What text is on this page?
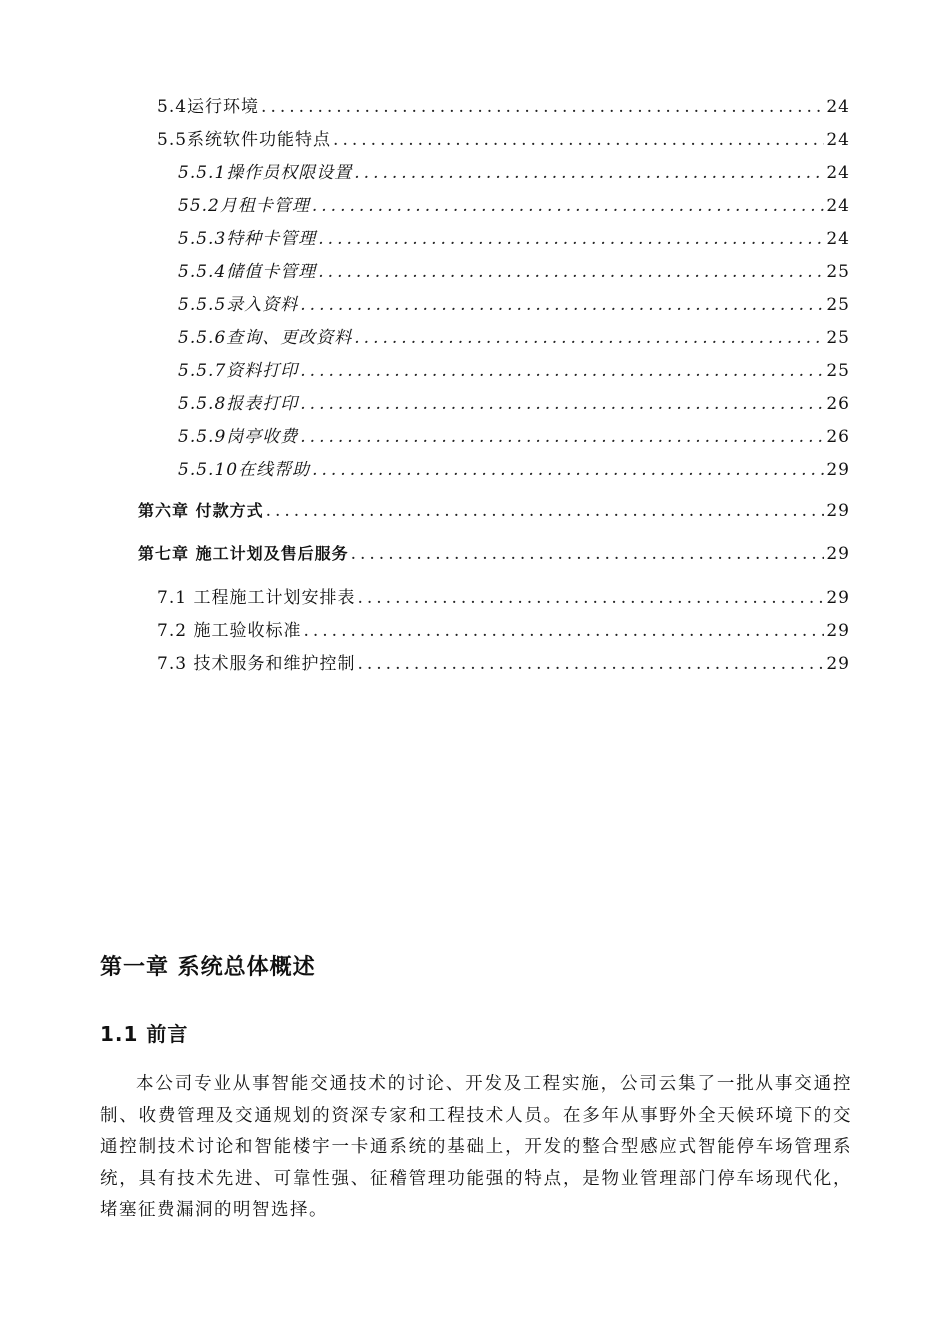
5.4运行环境 .....	24
5.5系统软件功能特点 .....	24
5.5.1操作员权限设置 .....	24
55.2月租卡管理 .....	24
5.5.3特种卡管理 .....	24
5.5.4储值卡管理 .....	25
5.5.5录入资料 .....	25
5.5.6查询、更改资料 .....	25
5.5.7资料打印 .....	25
5.5.8报表打印 .....	26
5.5.9岗亭收费 .....	26
5.5.10在线帮助 .....	29
第六章 付款方式 .....	29
第七章 施工计划及售后服务 .....	29
7.1 工程施工计划安排表 .....	29
7.2 施工验收标准 .....	29
7.3 技术服务和维护控制 .....	29
第一章 系统总体概述
1.1 前言

本公司专业从事智能交通技术的讨论、开发及工程实施，公司云集了一批从事交通控制、收费管理及交通规划的资深专家和工程技术人员。在多年从事野外全天候环境下的交通控制技术讨论和智能楼宇一卡通系统的基础上，开发的整合型感应式智能停车场管理系统，具有技术先进、可靠性强、征稽管理功能强的特点，是物业管理部门停车场现代化，堵塞征费漏洞的明智选择。
